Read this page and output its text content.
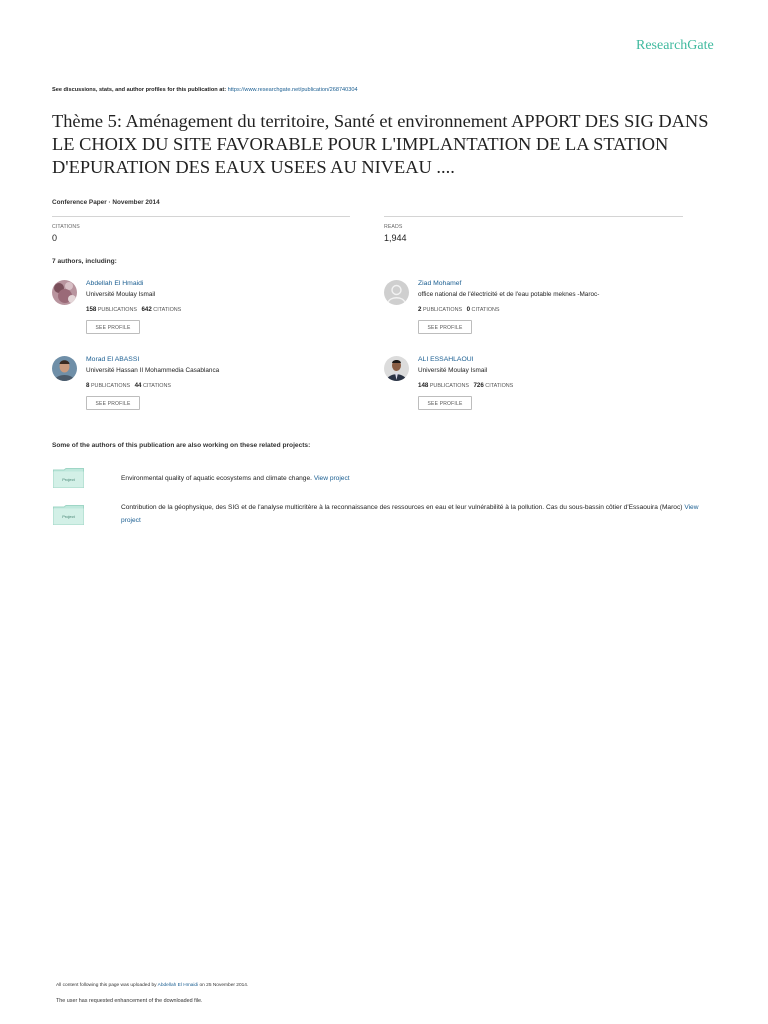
ResearchGate
See discussions, stats, and author profiles for this publication at: https://www.researchgate.net/publication/268740304
Thème 5: Aménagement du territoire, Santé et environnement APPORT DES SIG DANS LE CHOIX DU SITE FAVORABLE POUR L'IMPLANTATION DE LA STATION D'EPURATION DES EAUX USEES AU NIVEAU ....
Conference Paper · November 2014
CITATIONS
0
READS
1,944
7 authors, including:
Abdellah El Hmaidi
Université Moulay Ismail
158 PUBLICATIONS 642 CITATIONS
SEE PROFILE
Ziad Mohamef
office national de l'électricité et de l'eau potable meknes -Maroc-
2 PUBLICATIONS 0 CITATIONS
SEE PROFILE
Morad El ABASSI
Université Hassan II Mohammedia Casablanca
8 PUBLICATIONS 44 CITATIONS
SEE PROFILE
ALI ESSAHLAOUI
Université Moulay Ismail
148 PUBLICATIONS 726 CITATIONS
SEE PROFILE
Some of the authors of this publication are also working on these related projects:
Project	Environmental quality of aquatic ecosystems and climate change. View project
Project
Contribution de la géophysique, des SIG et de l'analyse multicritère à la reconnaissance des ressources en eau et leur vulnérabilité à la pollution. Cas du sous-bassin côtier d'Essaouira (Maroc) View project
All content following this page was uploaded by Abdellah El Hmaidi on 25 November 2014.
The user has requested enhancement of the downloaded file.
